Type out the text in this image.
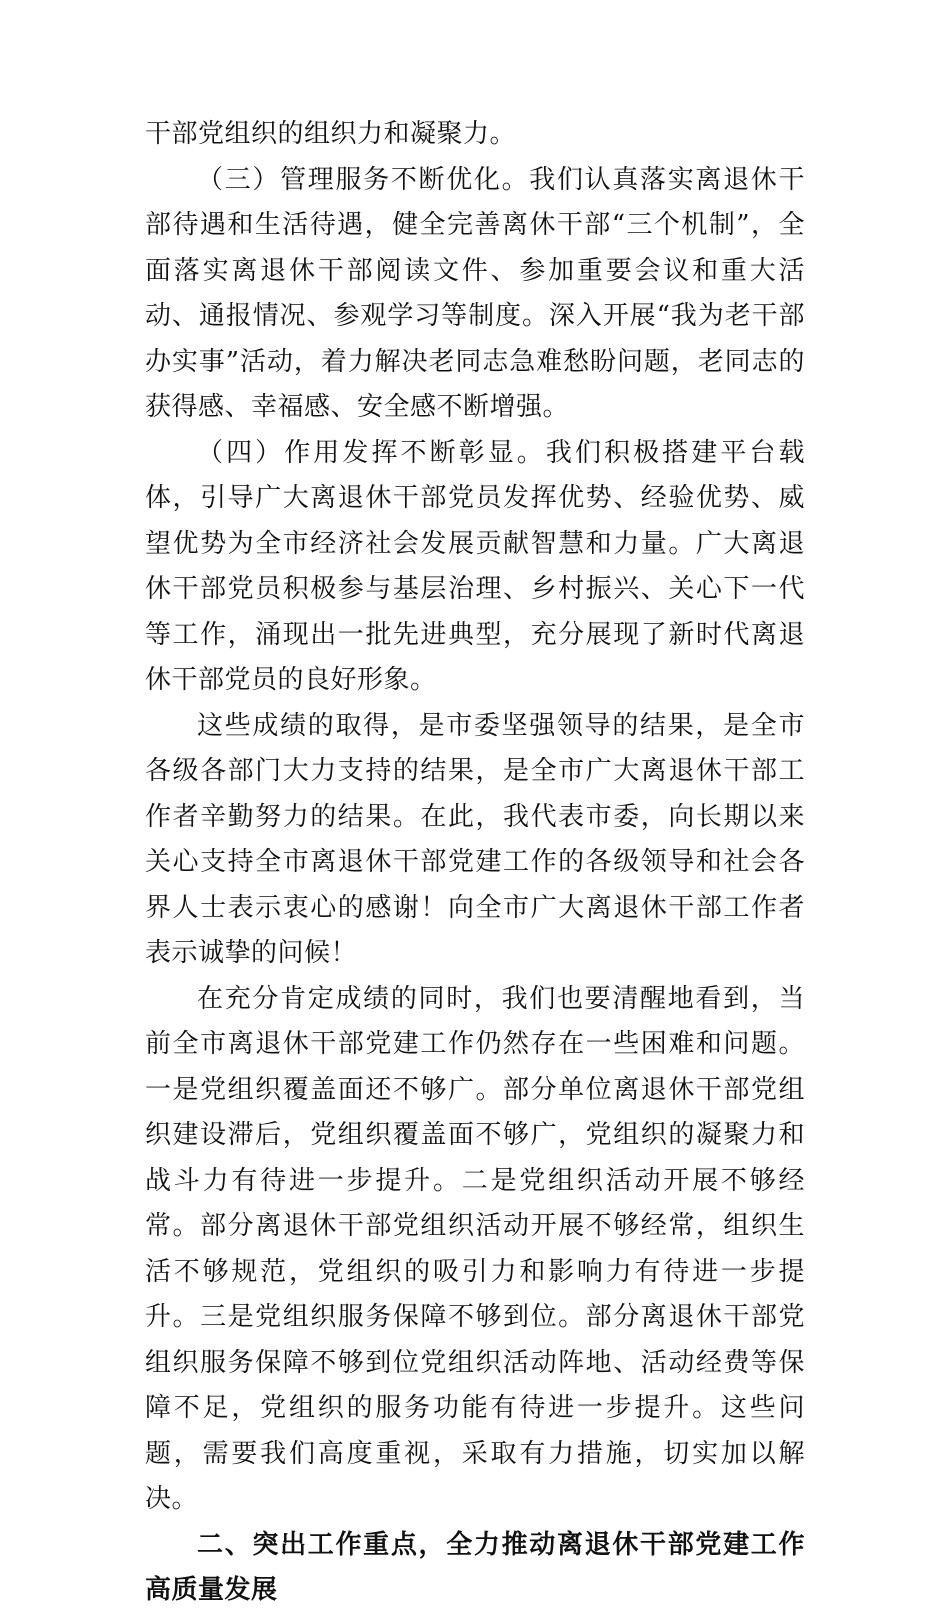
干部党组织的组织力和凝聚力。

（三）管理服务不断优化。我们认真落实离退休干部待遇和生活待遇，健全完善离休干部“三个机制”，全面落实离退休干部阅读文件、参加重要会议和重大活动、通报情况、参观学习等制度。深入开展“我为老干部办实事”活动，着力解决老同志急难愁盼问题，老同志的获得感、幸福感、安全感不断增强。

（四）作用发挥不断彰显。我们积极搭建平台载体，引导广大离退休干部党员发挥优势、经验优势、威望优势为全市经济社会发展贡献智慧和力量。广大离退休干部党员积极参与基层治理、乡村振兴、关心下一代等工作，涌现出一批先进典型，充分展现了新时代离退休干部党员的良好形象。

这些成绩的取得，是市委坚强领导的结果，是全市各级各部门大力支持的结果，是全市广大离退休干部工作者辛勤努力的结果。在此，我代表市委，向长期以来关心支持全市离退休干部党建工作的各级领导和社会各界人士表示衷心的感谢！向全市广大离退休干部工作者表示诚挚的问候！

在充分肯定成绩的同时，我们也要清醒地看到，当前全市离退休干部党建工作仍然存在一些困难和问题。一是党组织覆盖面还不够广。部分单位离退休干部党组织建设滞后，党组织覆盖面不够广，党组织的凝聚力和战斗力有待进一步提升。二是党组织活动开展不够经常。部分离退休干部党组织活动开展不够经常，组织生活不够规范，党组织的吸引力和影响力有待进一步提升。三是党组织服务保障不够到位。部分离退休干部党组织服务保障不够到位党组织活动阵地、活动经费等保障不足，党组织的服务功能有待进一步提升。这些问题，需要我们高度重视，采取有力措施，切实加以解决。

二、突出工作重点，全力推动离退休干部党建工作高质量发展
